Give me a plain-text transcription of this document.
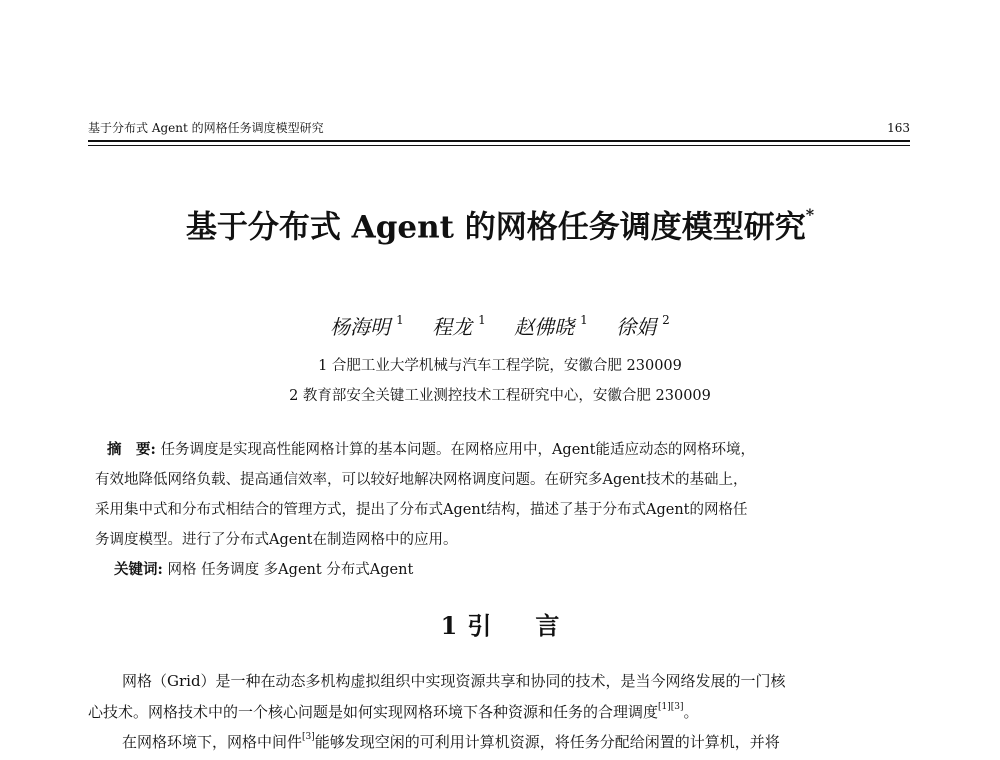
基于分布式 Agent 的网格任务调度模型研究	163
基于分布式 Agent 的网格任务调度模型研究*
杨海明 $^1$ 程龙 $^1$ 赵佛晓 $^1$ 徐娟 $^2$
1 合肥工业大学机械与汽车工程学院，安徽合肥 230009
2 教育部安全关键工业测控技术工程研究中心，安徽合肥 230009
摘　要: 任务调度是实现高性能网格计算的基本问题。在网格应用中，Agent能适应动态的网格环境，
有效地降低网络负载、提高通信效率，可以较好地解决网格调度问题。在研究多Agent技术的基础上，
采用集中式和分布式相结合的管理方式，提出了分布式Agent结构，描述了基于分布式Agent的网格任
务调度模型。进行了分布式Agent在制造网格中的应用。
关键词: 网格 任务调度 多Agent 分布式Agent
1 引言
网格（Grid）是一种在动态多机构虚拟组织中实现资源共享和协同的技术，是当今网络发展的一门核
心技术。网格技术中的一个核心问题是如何实现网格环境下各种资源和任务的合理调度[1][3]。
在网格环境下，网格中间件[3]能够发现空闲的可利用计算机资源，将任务分配给闲置的计算机，并将
